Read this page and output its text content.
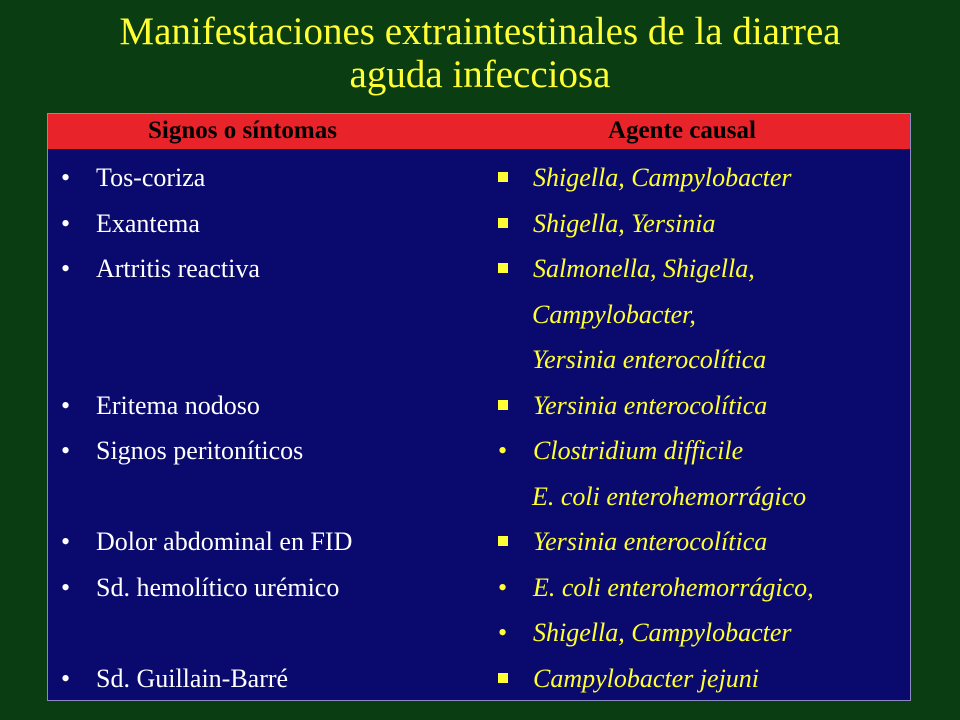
Manifestaciones extraintestinales de la diarrea
aguda infecciosa
Signos o síntomas	Agente causal
• Tos-coriza	Shigella, Campylobacter
• Exantema	Shigella, Yersinia
• Artritis reactiva	Salmonella, Shigella,
Campylobacter,
Yersinia enterocolítica
• Eritema nodoso	Yersinia enterocolítica
• Signos peritoníticos	• Clostridium difficile
E. coli enterohemorrágico
• Dolor abdominal en FID	Yersinia enterocolítica
• Sd. hemolítico urémico	• E. coli enterohemorrágico,
• Shigella, Campylobacter
• Sd. Guillain-Barré	Campylobacter jejuni
